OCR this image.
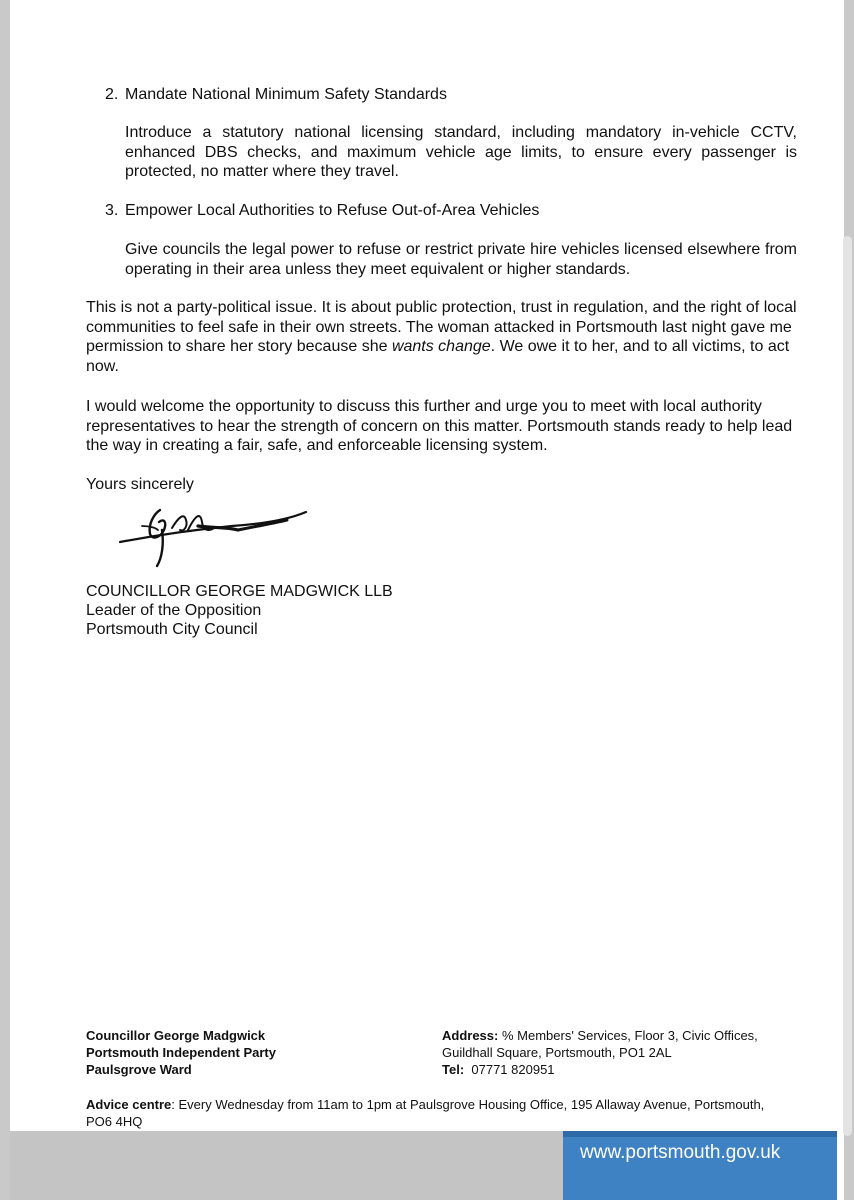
2. Mandate National Minimum Safety Standards
Introduce a statutory national licensing standard, including mandatory in-vehicle CCTV, enhanced DBS checks, and maximum vehicle age limits, to ensure every passenger is protected, no matter where they travel.
3. Empower Local Authorities to Refuse Out-of-Area Vehicles
Give councils the legal power to refuse or restrict private hire vehicles licensed elsewhere from operating in their area unless they meet equivalent or higher standards.
This is not a party-political issue. It is about public protection, trust in regulation, and the right of local communities to feel safe in their own streets. The woman attacked in Portsmouth last night gave me permission to share her story because she wants change. We owe it to her, and to all victims, to act now.
I would welcome the opportunity to discuss this further and urge you to meet with local authority representatives to hear the strength of concern on this matter. Portsmouth stands ready to help lead the way in creating a fair, safe, and enforceable licensing system.
Yours sincerely
COUNCILLOR GEORGE MADGWICK LLB
Leader of the Opposition
Portsmouth City Council
Councillor George Madgwick
Portsmouth Independent Party
Paulsgrove Ward
Address: % Members' Services, Floor 3, Civic Offices,
Guildhall Square, Portsmouth, PO1 2AL
Tel: 07771 820951
Advice centre: Every Wednesday from 11am to 1pm at Paulsgrove Housing Office, 195 Allaway Avenue, Portsmouth, PO6 4HQ
www.portsmouth.gov.uk
